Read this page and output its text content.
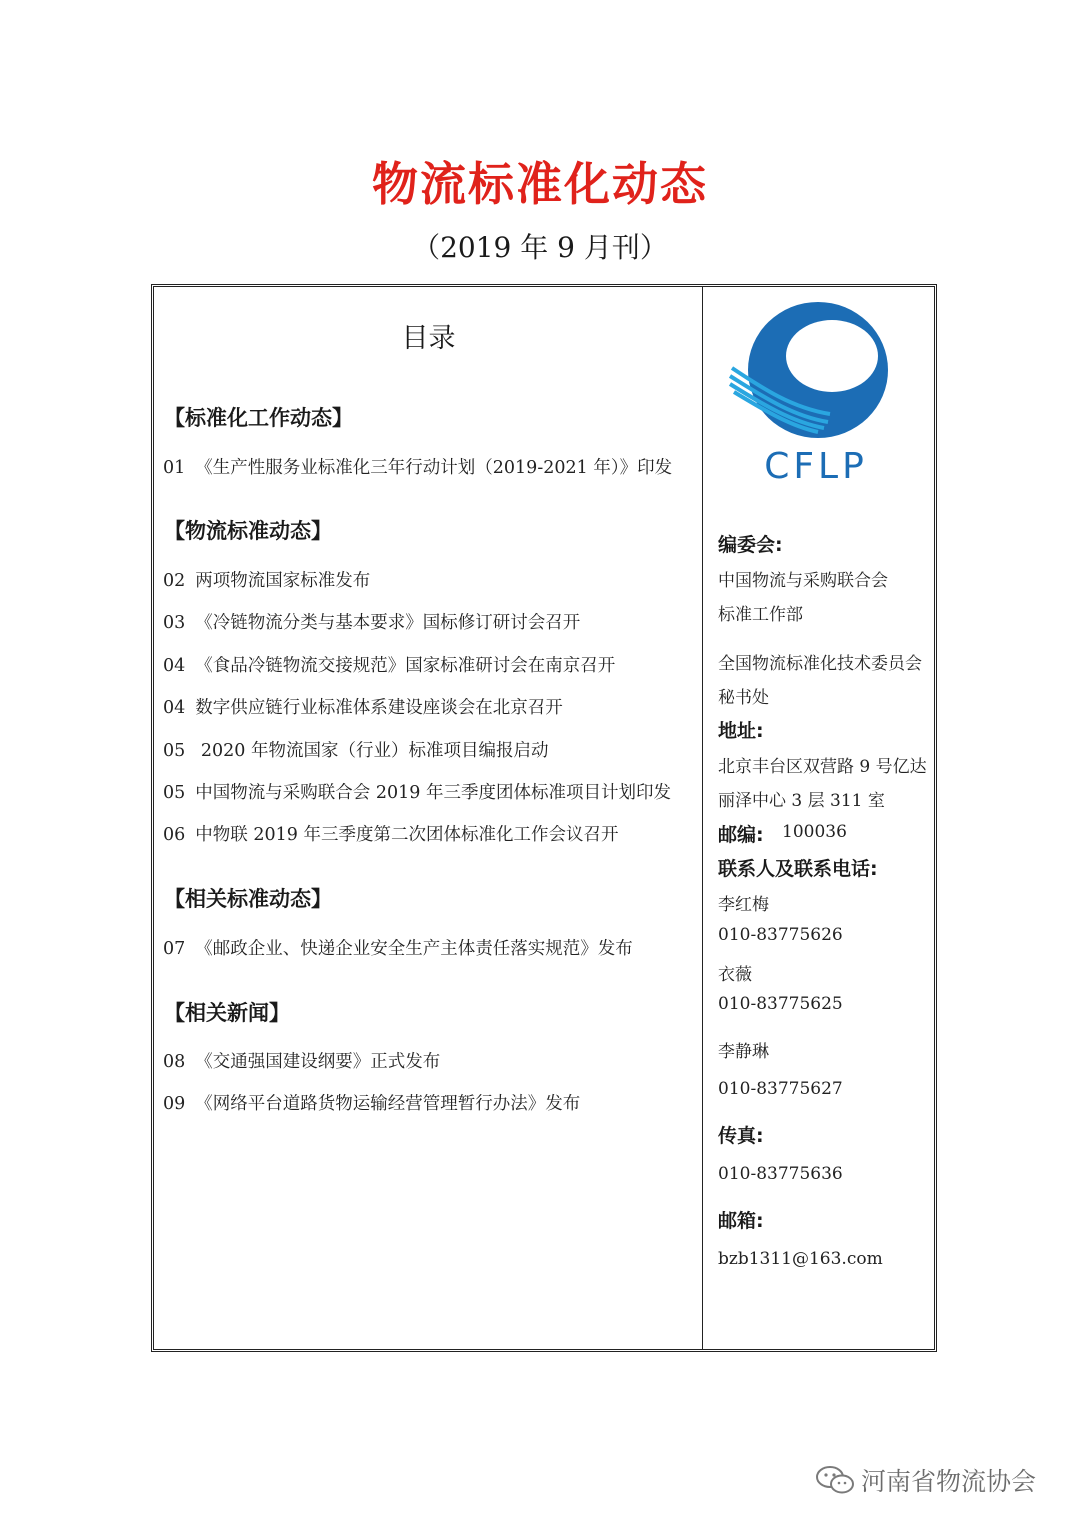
物流标准化动态
（2019 年 9 月刊）
目录
【标准化工作动态】
01 《生产性服务业标准化三年行动计划（2019-2021 年）》印发
【物流标准动态】
02 两项物流国家标准发布
03 《冷链物流分类与基本要求》国标修订研讨会召开
04 《食品冷链物流交接规范》国家标准研讨会在南京召开
04 数字供应链行业标准体系建设座谈会在北京召开
05 2020 年物流国家（行业）标准项目编报启动
05 中国物流与采购联合会 2019 年三季度团体标准项目计划印发
06 中物联 2019 年三季度第二次团体标准化工作会议召开
【相关标准动态】
07 《邮政企业、快递企业安全生产主体责任落实规范》发布
【相关新闻】
08 《交通强国建设纲要》正式发布
09 《网络平台道路货物运输经营管理暂行办法》发布
CFLP
编委会:
中国物流与采购联合会
标准工作部
全国物流标准化技术委员会
秘书处
地址:
北京丰台区双营路 9 号亿达
丽泽中心 3 层 311 室
邮编: 100036
联系人及联系电话:
李红梅
010-83775626
衣薇
010-83775625
李静琳
010-83775627
传真:
010-83775636
邮箱:
bzb1311@163.com
河南省物流协会
